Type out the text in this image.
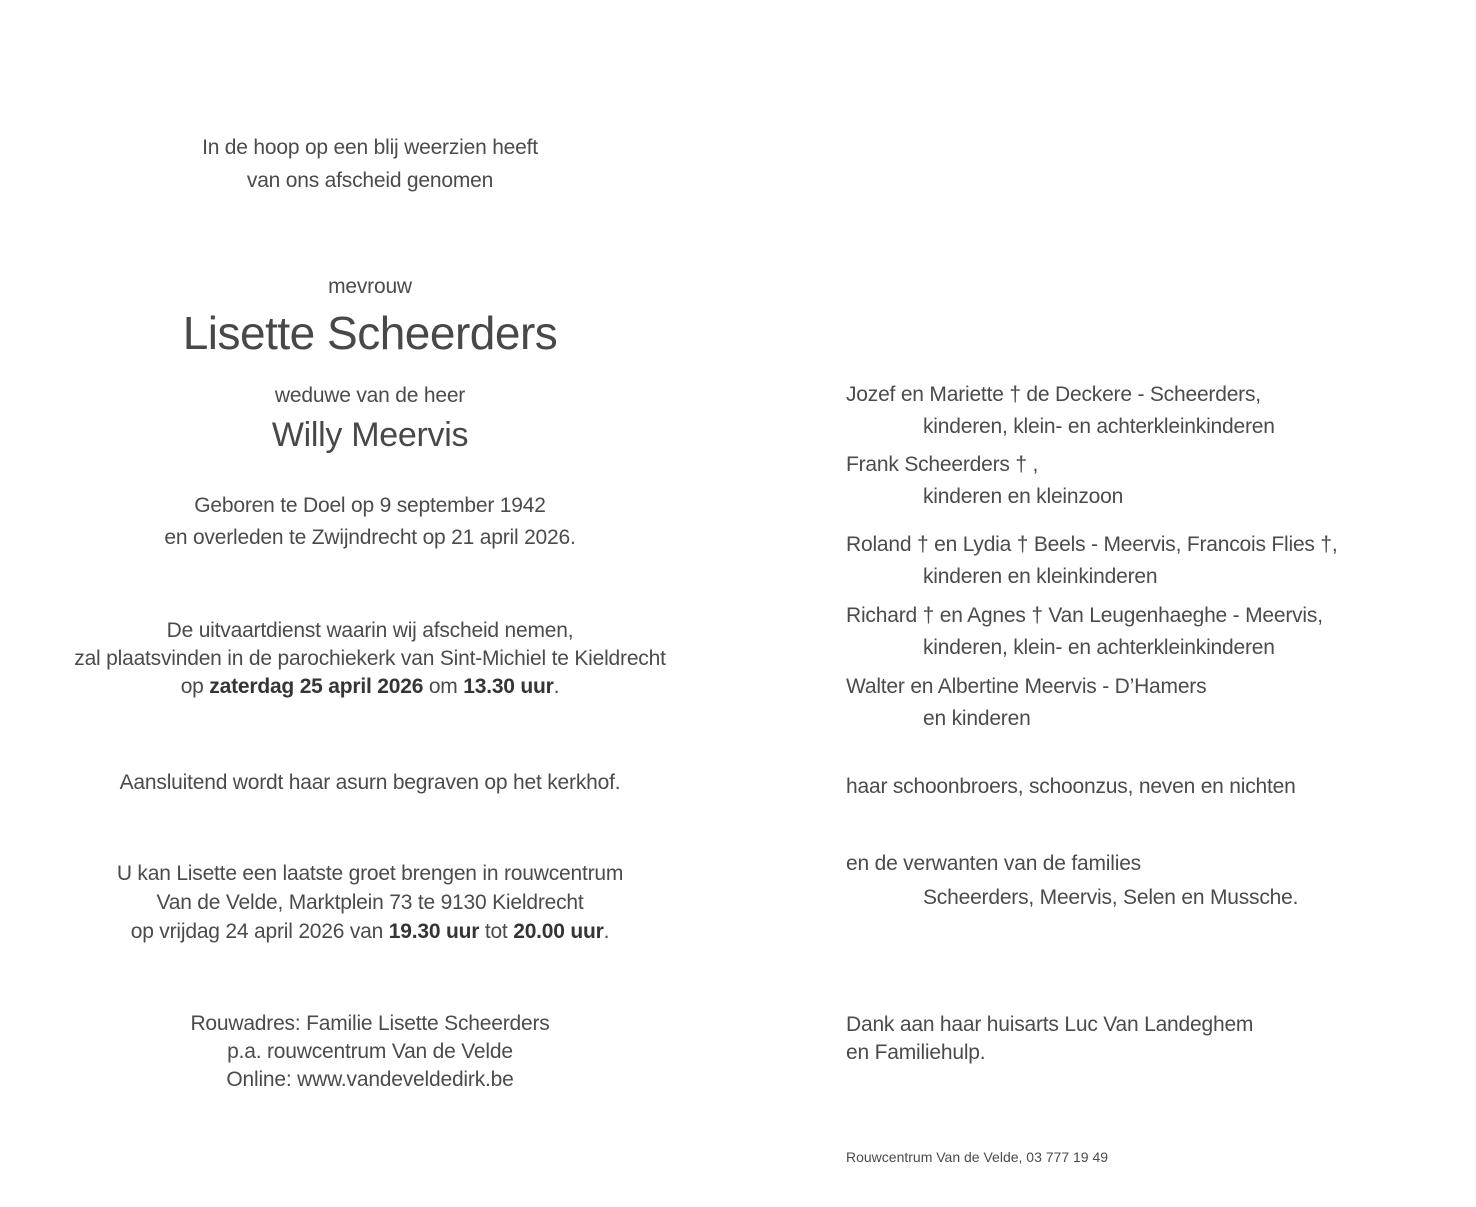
In de hoop op een blij weerzien heeft
van ons afscheid genomen
mevrouw
Lisette Scheerders
weduwe van de heer
Willy Meervis
Geboren te Doel op 9 september 1942
en overleden te Zwijndrecht op 21 april 2026.
De uitvaartdienst waarin wij afscheid nemen,
zal plaatsvinden in de parochiekerk van Sint-Michiel te Kieldrecht
op zaterdag 25 april 2026 om 13.30 uur.
Aansluitend wordt haar asurn begraven op het kerkhof.
U kan Lisette een laatste groet brengen in rouwcentrum
Van de Velde, Marktplein 73 te 9130 Kieldrecht
op vrijdag 24 april 2026 van 19.30 uur tot 20.00 uur.
Rouwadres: Familie Lisette Scheerders
p.a. rouwcentrum Van de Velde
Online: www.vandeveldedirk.be
Jozef en Mariette † de Deckere - Scheerders,
kinderen, klein- en achterkleinkinderen
Frank Scheerders † ,
kinderen en kleinzoon
Roland † en Lydia † Beels - Meervis, Francois Flies †,
kinderen en kleinkinderen
Richard † en Agnes † Van Leugenhaeghe - Meervis,
kinderen, klein- en achterkleinkinderen
Walter en Albertine Meervis - D’Hamers
en kinderen
haar schoonbroers, schoonzus, neven en nichten
en de verwanten van de families
Scheerders, Meervis, Selen en Mussche.
Dank aan haar huisarts Luc Van Landeghem
en Familiehulp.
Rouwcentrum Van de Velde, 03 777 19 49
